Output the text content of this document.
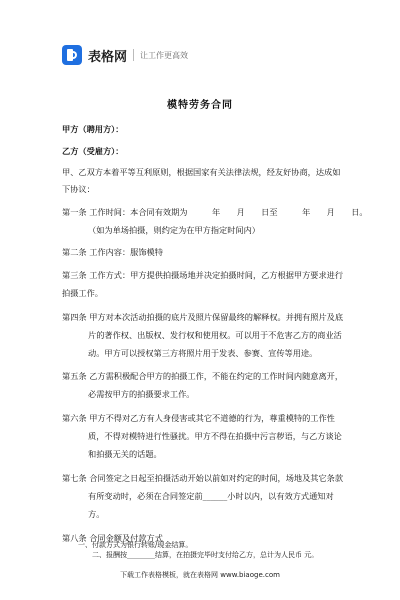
表格网 让工作更高效
模特劳务合同
甲方（聘用方）：
乙方（受雇方）：
甲、乙双方本着平等互利原则，根据国家有关法律法规，经友好协商，达成如
下协议：
第一条 工作时间：本合同有效期为　　　年　　月　　日至　　　年　　月　　日。
（如为单场拍摄，则约定为在甲方指定时间内）
第二条 工作内容：服饰模特
第三条 工作方式：甲方提供拍摄场地并决定拍摄时间，乙方根据甲方要求进行
拍摄工作。
第四条 甲方对本次活动拍摄的底片及照片保留最终的解释权。并拥有照片及底
片的著作权、出版权、发行权和使用权。可以用于不危害乙方的商业活
动。甲方可以授权第三方将照片用于发表、参赛、宣传等用途。
第五条 乙方需积极配合甲方的拍摄工作，不能在约定的工作时间内随意离开，
必需按甲方的拍摄要求工作。
第六条 甲方不得对乙方有人身侵害或其它不道德的行为，尊重模特的工作性
质，不得对模特进行性骚扰。甲方不得在拍摄中污言秽语，与乙方谈论
和拍摄无关的话题。
第七条 合同签定之日起至拍摄活动开始以前如对约定的时间，场地及其它条款
有所变动时，必须在合同签定前______小时以内，以有效方式通知对
方。
第八条 合同金额及付款方式
下载工作表格模板，就在表格网 www.biaoge.com
一、付款方式为银行转账/现金结算。
二、报酬按________结算，在拍摄完毕时支付给乙方，总计为人民币 元。
